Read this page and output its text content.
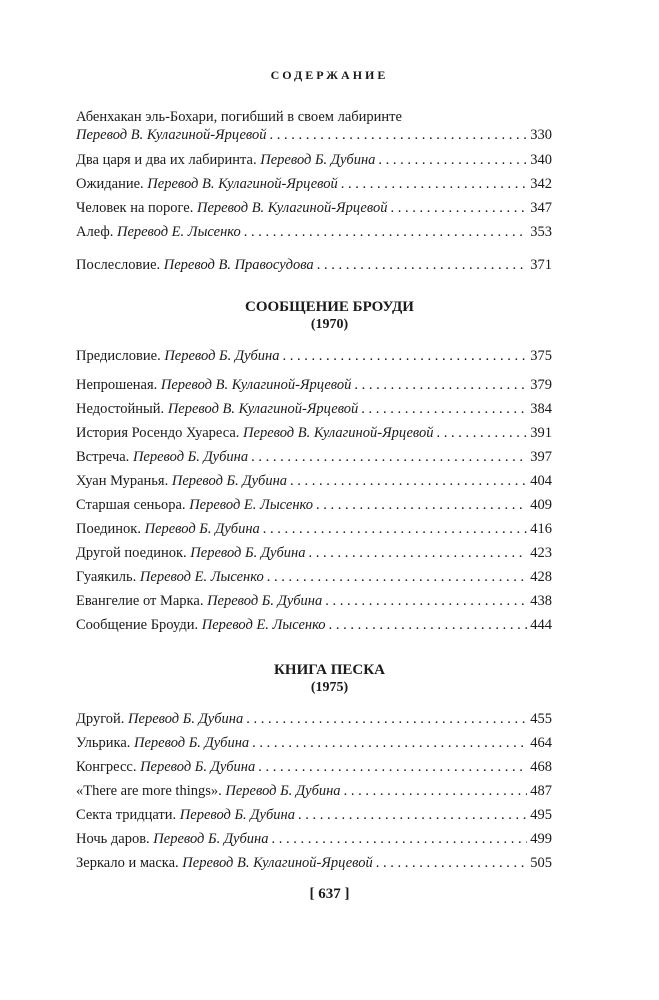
СОДЕРЖАНИЕ
Абенхакан эль-Бохари, погибший в своем лабиринте
Перевод В. Кулагиной-Ярцевой . . .	330
Два царя и два их лабиринта. Перевод Б. Дубина . . .	340
Ожидание. Перевод В. Кулагиной-Ярцевой . . .	342
Человек на пороге. Перевод В. Кулагиной-Ярцевой . . .	347
Алеф. Перевод Е. Лысенко . . .	353
Послесловие. Перевод В. Правосудова . . .	371
СООБЩЕНИЕ БРОУДИ
(1970)
Предисловие. Перевод Б. Дубина . . .	375
Непрошеная. Перевод В. Кулагиной-Ярцевой . . .	379
Недостойный. Перевод В. Кулагиной-Ярцевой . . .	384
История Росендо Хуареса. Перевод В. Кулагиной-Ярцевой . . .	391
Встреча. Перевод Б. Дубина . . .	397
Хуан Муранья. Перевод Б. Дубина . . .	404
Старшая сеньора. Перевод Е. Лысенко . . .	409
Поединок. Перевод Б. Дубина . . .	416
Другой поединок. Перевод Б. Дубина . . .	423
Гуаякиль. Перевод Е. Лысенко . . .	428
Евангелие от Марка. Перевод Б. Дубина . . .	438
Сообщение Броуди. Перевод Е. Лысенко . . .	444
КНИГА ПЕСКА
(1975)
Другой. Перевод Б. Дубина . . .	455
Ульрика. Перевод Б. Дубина . . .	464
Конгресс. Перевод Б. Дубина . . .	468
«There are more things». Перевод Б. Дубина . . .	487
Секта тридцати. Перевод Б. Дубина . . .	495
Ночь даров. Перевод Б. Дубина . . .	499
Зеркало и маска. Перевод В. Кулагиной-Ярцевой . . .	505
[ 637 ]
